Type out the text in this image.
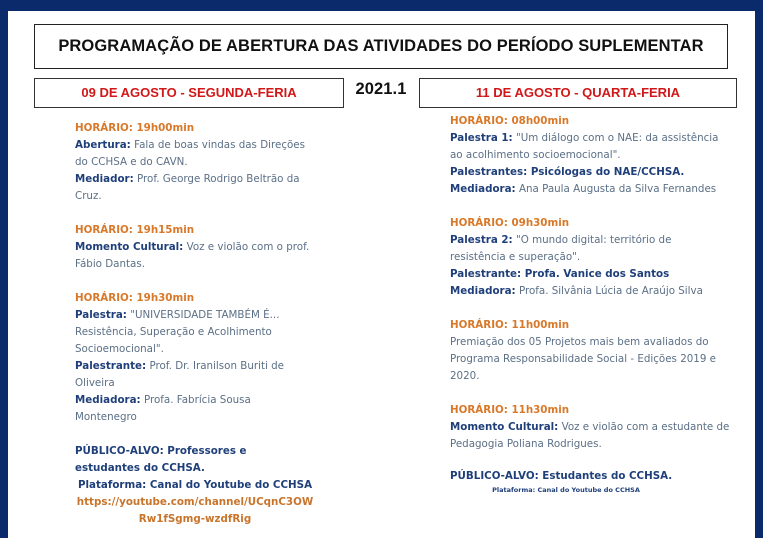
PROGRAMAÇÃO DE ABERTURA DAS ATIVIDADES DO PERÍODO SUPLEMENTAR 2021.1
09 DE AGOSTO - SEGUNDA-FERIA	11 DE AGOSTO - QUARTA-FERIA

HORÁRIO: 19h00min

Abertura: Fala de boas vindas das Direções do CCHSA e do CAVN.

Mediador: Prof. George Rodrigo Beltrão da Cruz.

HORÁRIO: 19h15min

Momento Cultural: Voz e violão com o prof. Fábio Dantas.

HORÁRIO: 19h30min

Palestra: "UNIVERSIDADE TAMBÉM É... Resistência, Superação e Acolhimento Socioemocional".

Palestrante: Prof. Dr. Iranilson Buriti de Oliveira

Mediadora: Profa. Fabrícia Sousa Montenegro

PÚBLICO-ALVO: Professores e estudantes do CCHSA.

Plataforma: Canal do Youtube do CCHSA

https://youtube.com/channel/UCqnC3OWRw1fSgmg-wzdfRig

HORÁRIO: 08h00min

Palestra 1: "Um diálogo com o NAE: da assistência ao acolhimento socioemocional".

Palestrantes: Psicólogas do NAE/CCHSA.

Mediadora: Ana Paula Augusta da Silva Fernandes

HORÁRIO: 09h30min

Palestra 2: "O mundo digital: território de resistência e superação".

Palestrante: Profa. Vanice dos Santos

Mediadora: Profa. Silvânia Lúcia de Araújo Silva

HORÁRIO: 11h00min

Premiação dos 05 Projetos mais bem avaliados do Programa Responsabilidade Social - Edições 2019 e 2020.

HORÁRIO: 11h30min

Momento Cultural: Voz e violão com a estudante de Pedagogia Poliana Rodrigues.

PÚBLICO-ALVO: Estudantes do CCHSA.

Plataforma: Canal do Youtube do CCHSA
